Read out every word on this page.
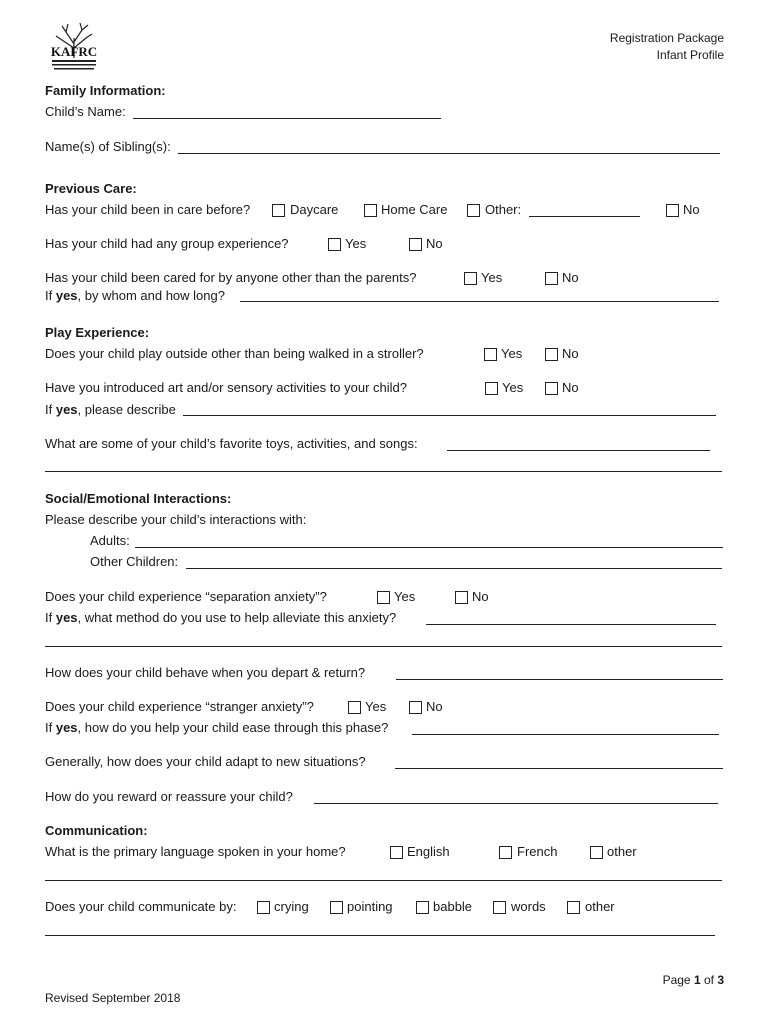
KAFRC
Registration Package
Infant Profile
Family Information:
Child’s Name:
Name(s) of Sibling(s):
Previous Care:
Has your child been in care before?	Daycare	Home Care	Other:	No
Has your child had any group experience?	Yes	No
Has your child been cared for by anyone other than the parents?	Yes	No
If yes, by whom and how long?
Play Experience:
Does your child play outside other than being walked in a stroller?	Yes	No
Have you introduced art and/or sensory activities to your child?	Yes	No
If yes, please describe
What are some of your child’s favorite toys, activities, and songs:
Social/Emotional Interactions:
Please describe your child’s interactions with:
Adults:
Other Children:
Does your child experience “separation anxiety”?	Yes	No
If yes, what method do you use to help alleviate this anxiety?
How does your child behave when you depart & return?
Does your child experience “stranger anxiety”?	Yes	No
If yes, how do you help your child ease through this phase?
Generally, how does your child adapt to new situations?
How do you reward or reassure your child?
Communication:
What is the primary language spoken in your home?	English	French	other
Does your child communicate by:	crying	pointing	babble	words	other
Page 1 of 3
Revised September 2018
